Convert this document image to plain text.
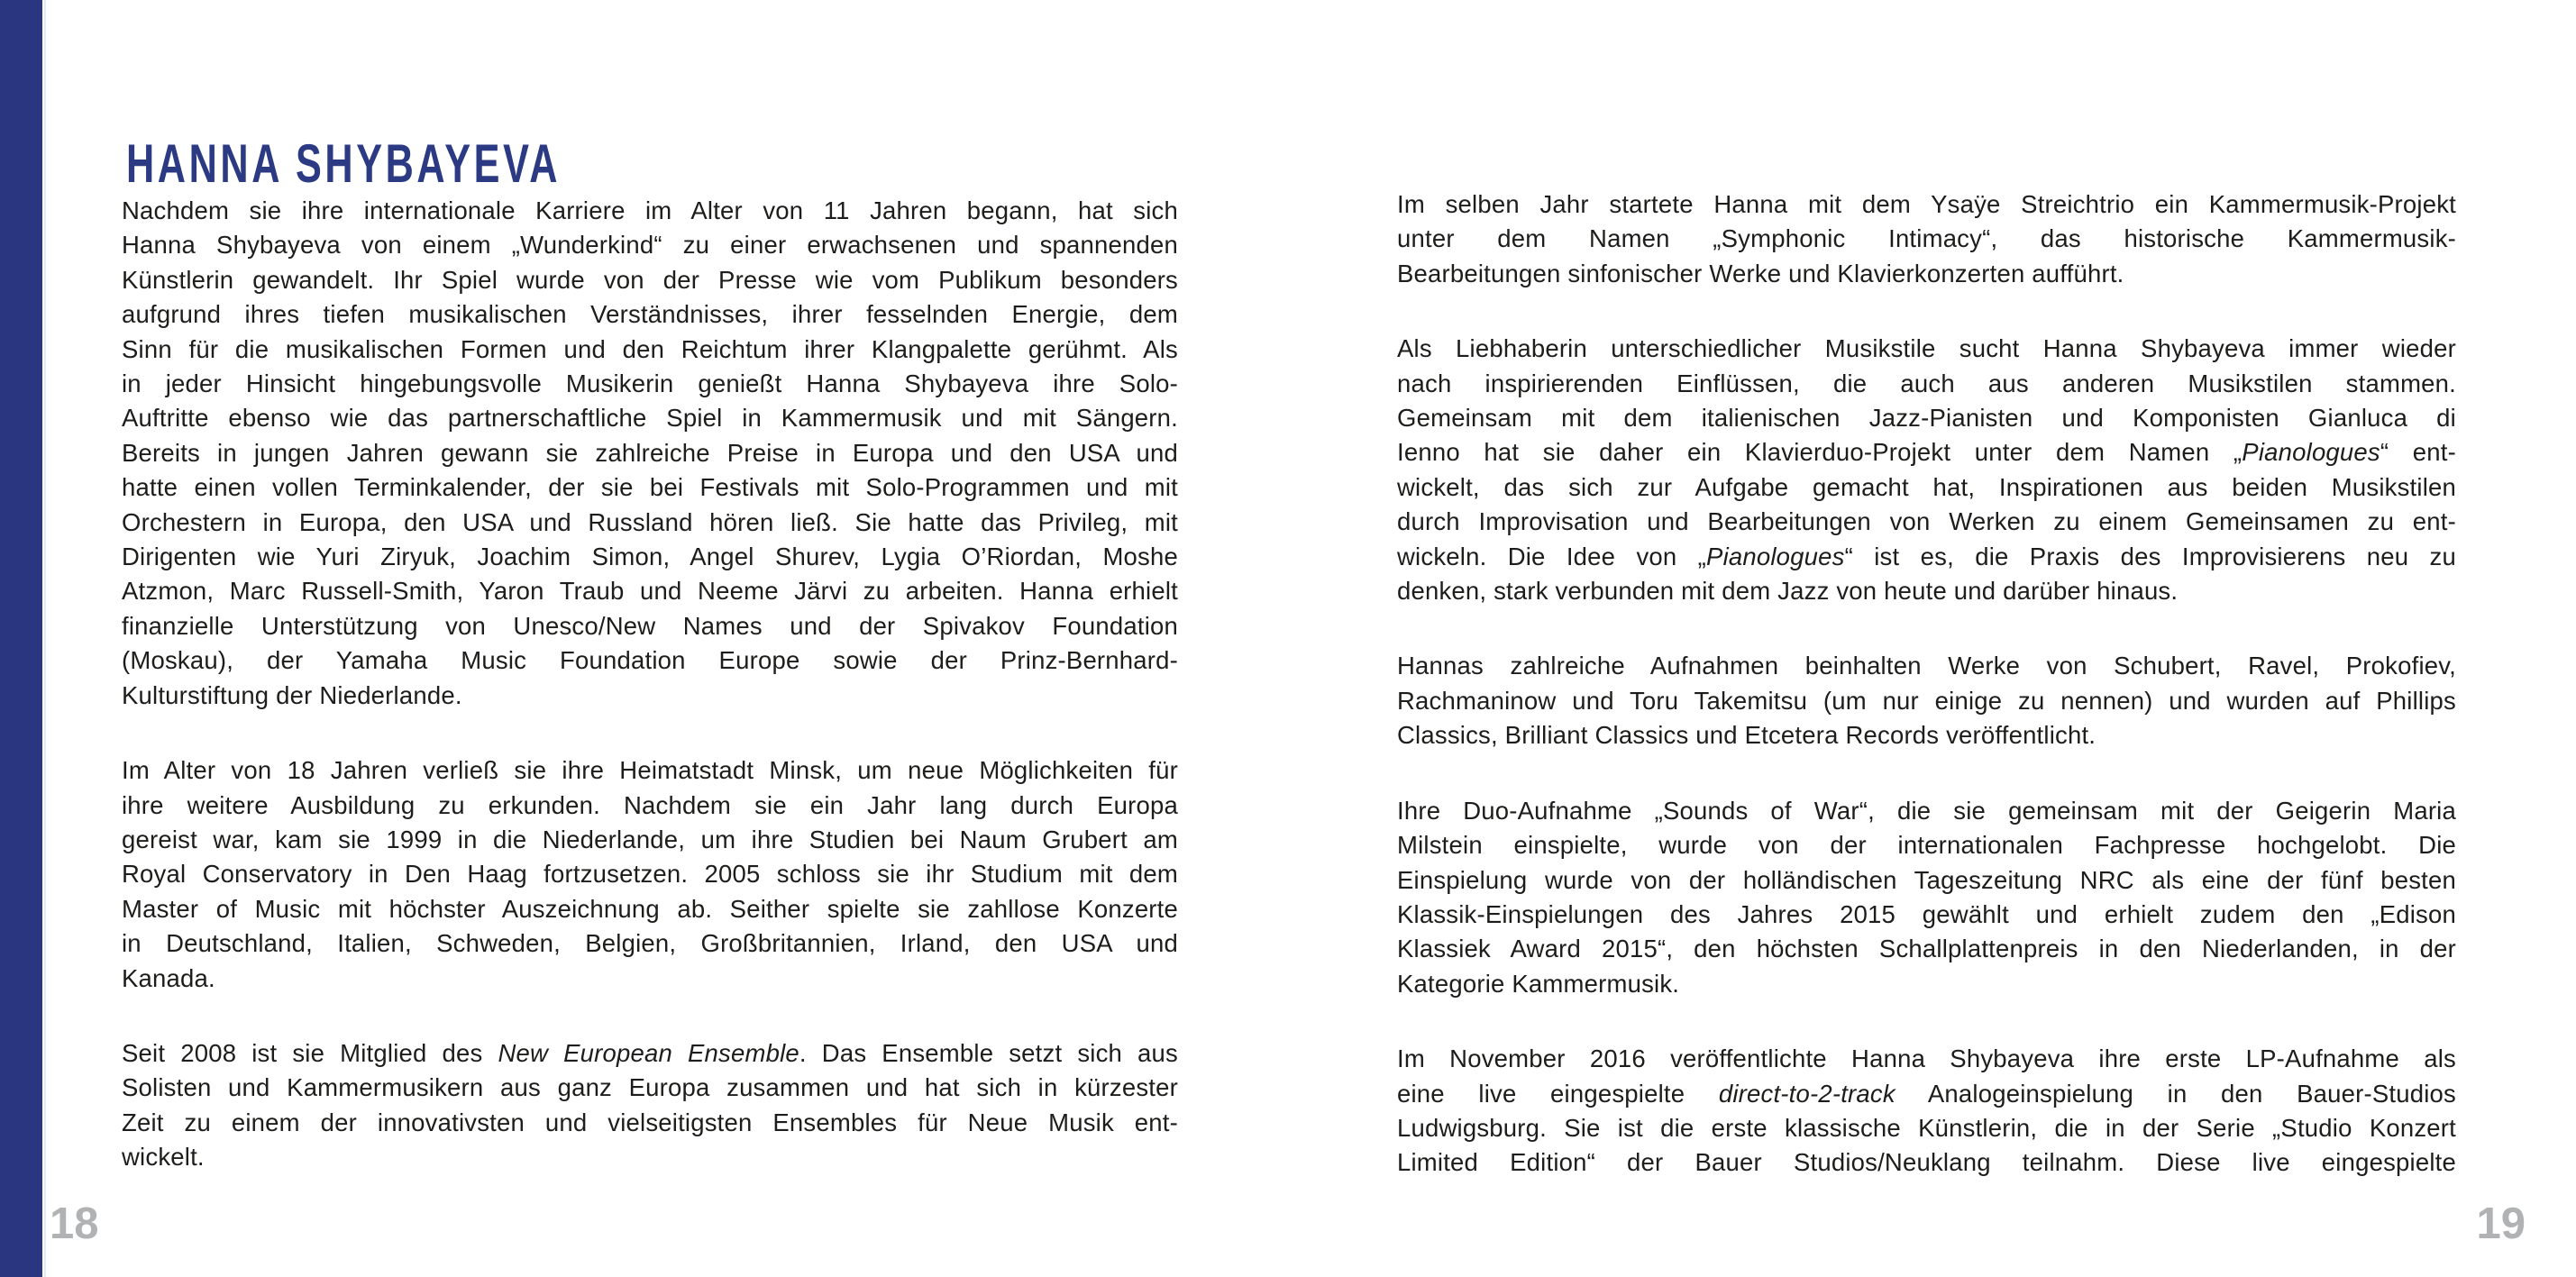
HANNA SHYBAYEVA
Nachdem sie ihre internationale Karriere im Alter von 11 Jahren begann, hat sich
Hanna Shybayeva von einem „Wunderkind“ zu einer erwachsenen und spannenden
Künstlerin gewandelt. Ihr Spiel wurde von der Presse wie vom Publikum besonders
aufgrund ihres tiefen musikalischen Verständnisses, ihrer fesselnden Energie, dem
Sinn für die musikalischen Formen und den Reichtum ihrer Klangpalette gerühmt. Als
in jeder Hinsicht hingebungsvolle Musikerin genießt Hanna Shybayeva ihre Solo-
Auftritte ebenso wie das partnerschaftliche Spiel in Kammermusik und mit Sängern.
Bereits in jungen Jahren gewann sie zahlreiche Preise in Europa und den USA und
hatte einen vollen Terminkalender, der sie bei Festivals mit Solo-Programmen und mit
Orchestern in Europa, den USA und Russland hören ließ. Sie hatte das Privileg, mit
Dirigenten wie Yuri Ziryuk, Joachim Simon, Angel Shurev, Lygia O’Riordan, Moshe
Atzmon, Marc Russell-Smith, Yaron Traub und Neeme Järvi zu arbeiten. Hanna erhielt
finanzielle Unterstützung von Unesco/New Names und der Spivakov Foundation
(Moskau), der Yamaha Music Foundation Europe sowie der Prinz-Bernhard-
Kulturstiftung der Niederlande.
Im Alter von 18 Jahren verließ sie ihre Heimatstadt Minsk, um neue Möglichkeiten für
ihre weitere Ausbildung zu erkunden. Nachdem sie ein Jahr lang durch Europa
gereist war, kam sie 1999 in die Niederlande, um ihre Studien bei Naum Grubert am
Royal Conservatory in Den Haag fortzusetzen. 2005 schloss sie ihr Studium mit dem
Master of Music mit höchster Auszeichnung ab. Seither spielte sie zahllose Konzerte
in Deutschland, Italien, Schweden, Belgien, Großbritannien, Irland, den USA und
Kanada.
Seit 2008 ist sie Mitglied des New European Ensemble. Das Ensemble setzt sich aus
Solisten und Kammermusikern aus ganz Europa zusammen und hat sich in kürzester
Zeit zu einem der innovativsten und vielseitigsten Ensembles für Neue Musik ent-
wickelt.
Im selben Jahr startete Hanna mit dem Ysaÿe Streichtrio ein Kammermusik-Projekt
unter dem Namen „Symphonic Intimacy“, das historische Kammermusik-
Bearbeitungen sinfonischer Werke und Klavierkonzerten aufführt.
Als Liebhaberin unterschiedlicher Musikstile sucht Hanna Shybayeva immer wieder
nach inspirierenden Einflüssen, die auch aus anderen Musikstilen stammen.
Gemeinsam mit dem italienischen Jazz-Pianisten und Komponisten Gianluca di
Ienno hat sie daher ein Klavierduo-Projekt unter dem Namen „Pianologues“ ent-
wickelt, das sich zur Aufgabe gemacht hat, Inspirationen aus beiden Musikstilen
durch Improvisation und Bearbeitungen von Werken zu einem Gemeinsamen zu ent-
wickeln. Die Idee von „Pianologues“ ist es, die Praxis des Improvisierens neu zu
denken, stark verbunden mit dem Jazz von heute und darüber hinaus.
Hannas zahlreiche Aufnahmen beinhalten Werke von Schubert, Ravel, Prokofiev,
Rachmaninow und Toru Takemitsu (um nur einige zu nennen) und wurden auf Phillips
Classics, Brilliant Classics und Etcetera Records veröffentlicht.
Ihre Duo-Aufnahme „Sounds of War“, die sie gemeinsam mit der Geigerin Maria
Milstein einspielte, wurde von der internationalen Fachpresse hochgelobt. Die
Einspielung wurde von der holländischen Tageszeitung NRC als eine der fünf besten
Klassik-Einspielungen des Jahres 2015 gewählt und erhielt zudem den „Edison
Klassiek Award 2015“, den höchsten Schallplattenpreis in den Niederlanden, in der
Kategorie Kammermusik.
Im November 2016 veröffentlichte Hanna Shybayeva ihre erste LP-Aufnahme als
eine live eingespielte direct-to-2-track Analogeinspielung in den Bauer-Studios
Ludwigsburg. Sie ist die erste klassische Künstlerin, die in der Serie „Studio Konzert
Limited Edition“ der Bauer Studios/Neuklang teilnahm. Diese live eingespielte
18	19
